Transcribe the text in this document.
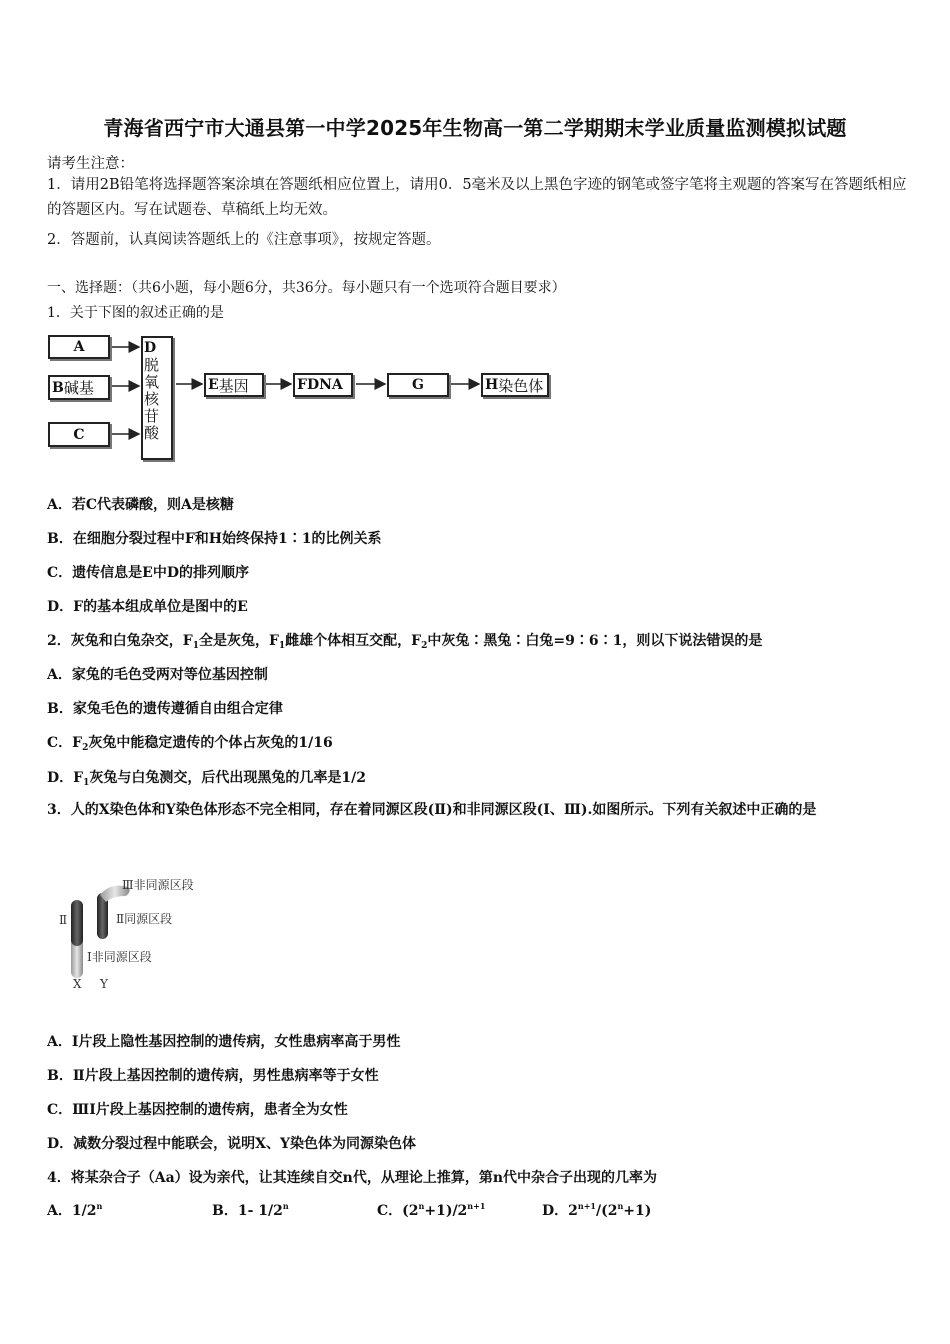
青海省西宁市大通县第一中学2025年生物高一第二学期期末学业质量监测模拟试题
请考生注意：
1．请用2B铅笔将选择题答案涂填在答题纸相应位置上，请用0．5毫米及以上黑色字迹的钢笔或签字笔将主观题的答案写在答题纸相应的答题区内。写在试题卷、草稿纸上均无效。
2．答题前，认真阅读答题纸上的《注意事项》，按规定答题。
一、选择题：（共6小题，每小题6分，共36分。每小题只有一个选项符合题目要求）
1．关于下图的叙述正确的是
A
B 碱基
C
D
脱
氧
核
苷
酸
E 基因	F DNA	G	H 染色体
A．若C代表磷酸，则A是核糖
B．在细胞分裂过程中F和H始终保持1∶1的比例关系
C．遗传信息是E中D的排列顺序
D．F的基本组成单位是图中的E
2．灰兔和白兔杂交，$F_1$全是灰兔，$F_1$雌雄个体相互交配，$F_2$中灰兔∶黑兔∶白兔=9∶6∶1，则以下说法错误的是
A．家兔的毛色受两对等位基因控制
B．家兔毛色的遗传遵循自由组合定律
C．$F_2$灰兔中能稳定遗传的个体占灰兔的1/16
D．$F_1$灰兔与白兔测交，后代出现黑兔的几率是1/2
3．人的X染色体和Y染色体形态不完全相同，存在着同源区段(Ⅱ)和非同源区段(Ⅰ、Ⅲ).如图所示。下列有关叙述中正确的是
Ⅲ非同源区段
Ⅱ同源区段
Ⅱ
Ⅰ非同源区段
X Y
A．Ⅰ片段上隐性基因控制的遗传病，女性患病率高于男性
B．Ⅱ片段上基因控制的遗传病，男性患病率等于女性
C．ⅢⅠ片段上基因控制的遗传病，患者全为女性
D．减数分裂过程中能联会，说明X、Y染色体为同源染色体
4．将某杂合子（Aa）设为亲代，让其连续自交n代，从理论上推算，第n代中杂合子出现的几率为
A．1/2$^n$	B．1- 1/2$^n$	C．$(2^n+1)/2^{n+1}$	D．$2^{n+1}/(2^n+1)$
